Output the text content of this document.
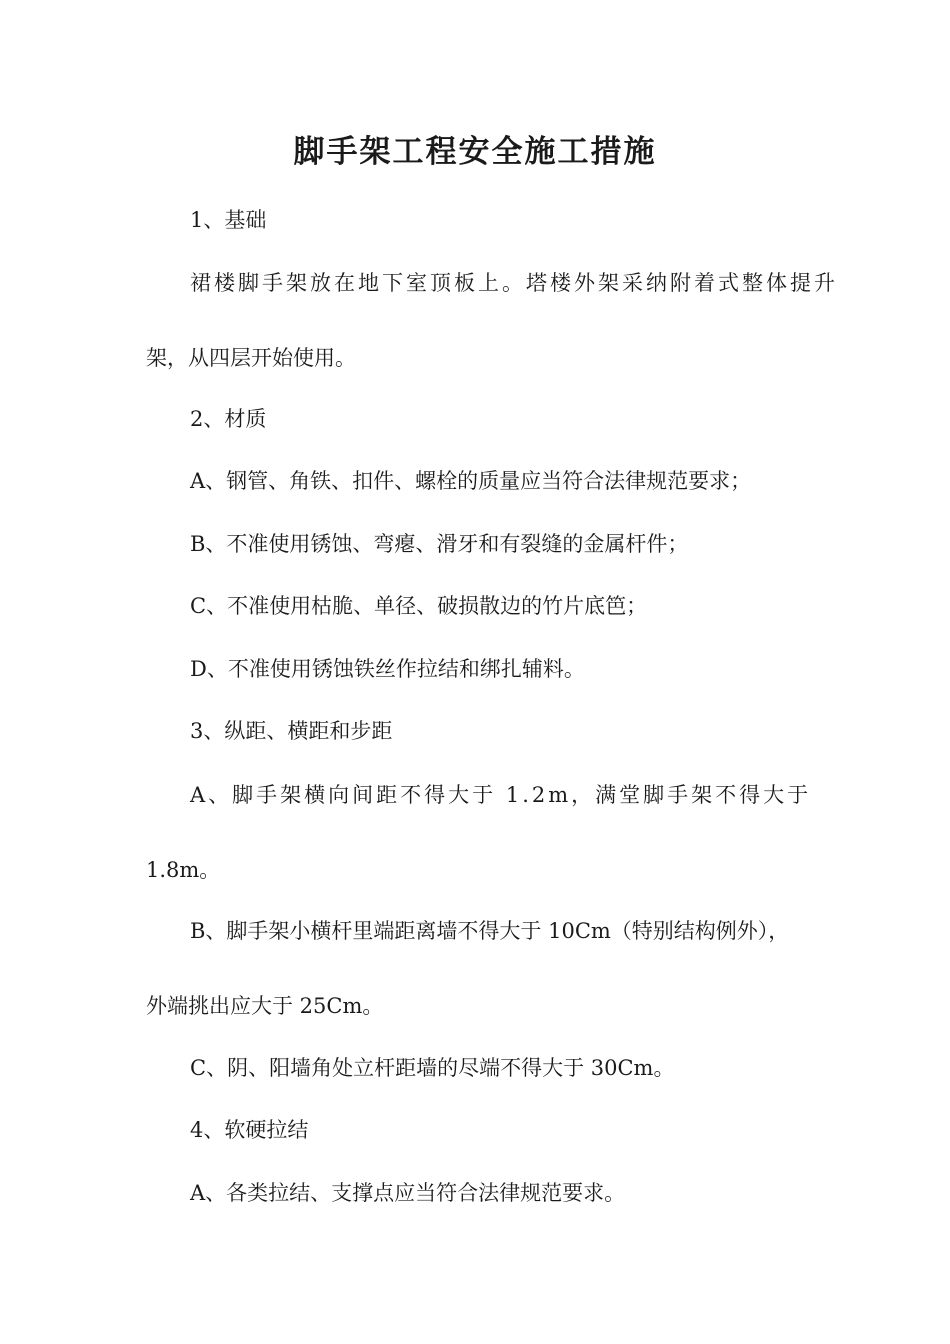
脚手架工程安全施工措施
1、基础
裙楼脚手架放在地下室顶板上。塔楼外架采纳附着式整体提升
架，从四层开始使用。
2、材质
A、钢管、角铁、扣件、螺栓的质量应当符合法律规范要求；
B、不准使用锈蚀、弯瘪、滑牙和有裂缝的金属杆件；
C、不准使用枯脆、单径、破损散边的竹片底笆；
D、不准使用锈蚀铁丝作拉结和绑扎辅料。
3、纵距、横距和步距
A、脚手架横向间距不得大于 1.2m，满堂脚手架不得大于
1.8m。
B、脚手架小横杆里端距离墙不得大于 10Cm（特别结构例外），
外端挑出应大于 25Cm。
C、阴、阳墙角处立杆距墙的尽端不得大于 30Cm。
4、软硬拉结
A、各类拉结、支撑点应当符合法律规范要求。
